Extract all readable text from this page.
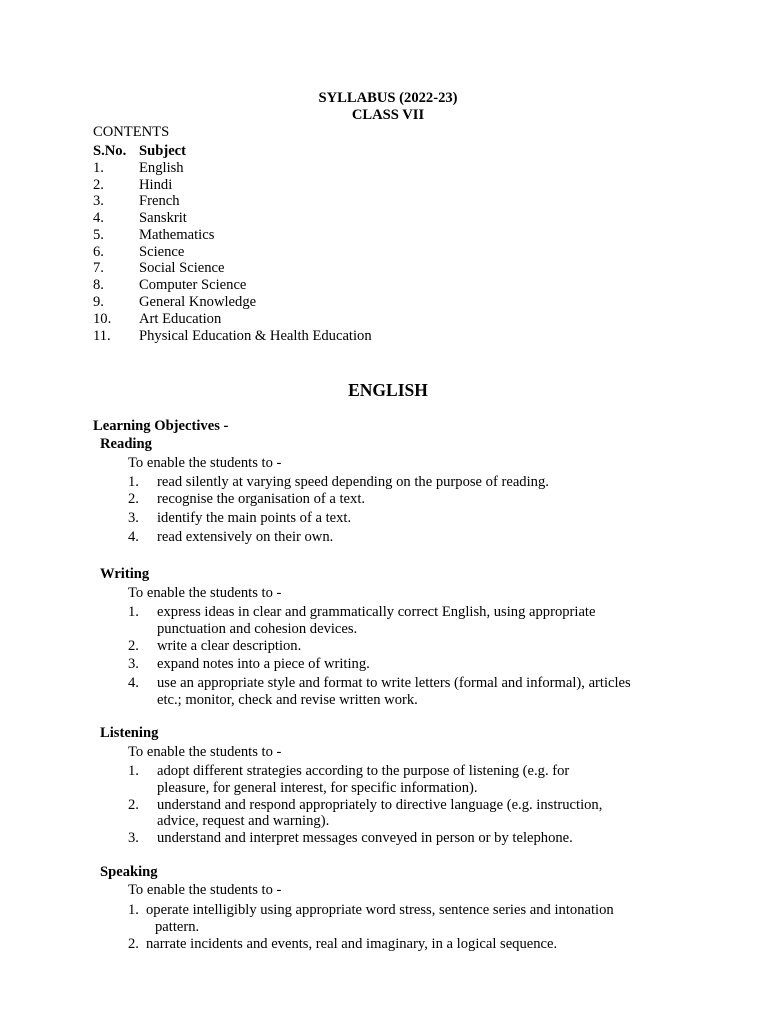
SYLLABUS (2022-23)
CLASS VII
CONTENTS
S.No. Subject
1. English
2. Hindi
3. French
4. Sanskrit
5. Mathematics
6. Science
7. Social Science
8. Computer Science
9. General Knowledge
10. Art Education
11. Physical Education & Health Education
ENGLISH
Learning Objectives -
Reading
To enable the students to -
1. read silently at varying speed depending on the purpose of reading.
2. recognise the organisation of a text.
3. identify the main points of a text.
4. read extensively on their own.
Writing
To enable the students to -
1. express ideas in clear and grammatically correct English, using appropriate
punctuation and cohesion devices.
2. write a clear description.
3. expand notes into a piece of writing.
4. use an appropriate style and format to write letters (formal and informal), articles
etc.; monitor, check and revise written work.
Listening
To enable the students to -
1. adopt different strategies according to the purpose of listening (e.g. for
pleasure, for general interest, for specific information).
2. understand and respond appropriately to directive language (e.g. instruction,
advice, request and warning).
3. understand and interpret messages conveyed in person or by telephone.
Speaking
To enable the students to -
1. operate intelligibly using appropriate word stress, sentence series and intonation
pattern.
2. narrate incidents and events, real and imaginary, in a logical sequence.
